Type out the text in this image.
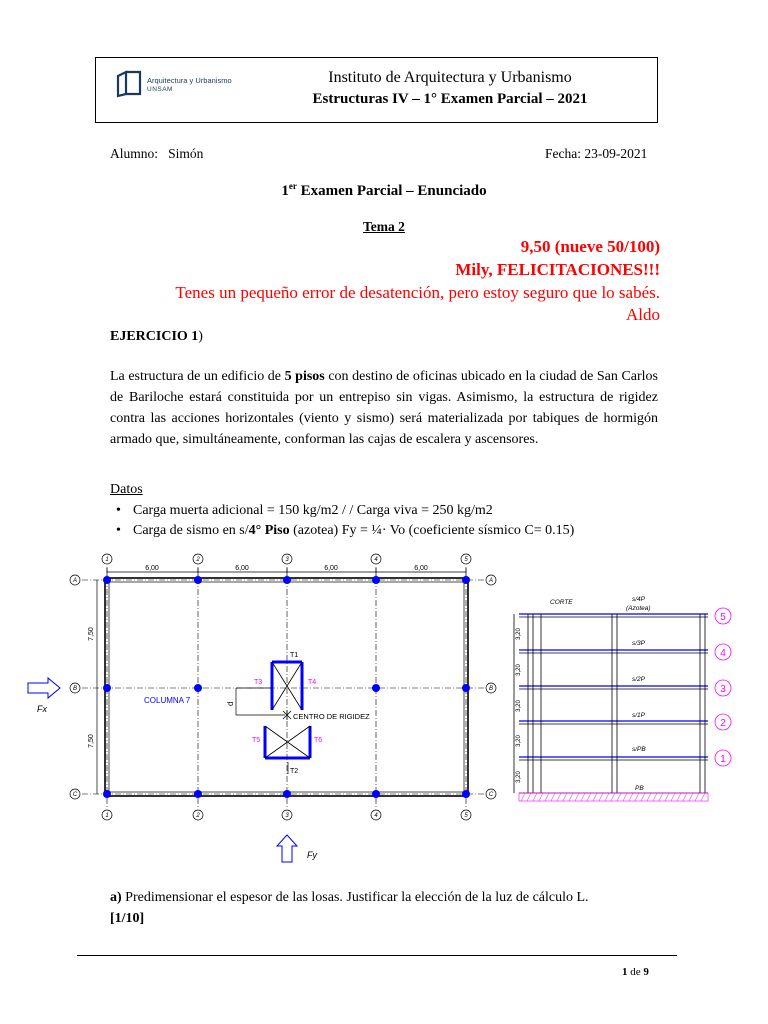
Arquitectura y Urbanismo
UNSAM
Instituto de Arquitectura y Urbanismo
Estructuras IV – 1° Examen Parcial – 2021
Alumno: Simón	Fecha: 23-09-2021
1er Examen Parcial – Enunciado
Tema 2
9,50 (nueve 50/100)
Mily, FELICITACIONES!!!
Tenes un pequeño error de desatención, pero estoy seguro que lo sabés.
Aldo
EJERCICIO 1)
La estructura de un edificio de 5 pisos con destino de oficinas ubicado en la ciudad de San Carlos de Bariloche estará constituida por un entrepiso sin vigas. Asimismo, la estructura de rigidez contra las acciones horizontales (viento y sismo) será materializada por tabiques de hormigón armado que, simultáneamente, conforman las cajas de escalera y ascensores.
Datos
• Carga muerta adicional = 150 kg/m2 / / Carga viva = 250 kg/m2
• Carga de sismo en s/4° Piso (azotea) Fy = ¼· Vo (coeficiente sísmico C= 0.15)
6,00	6,00	6,00	6,00
7,50
7,50
1	2	3	4	5
1	2	3	4	5
A
B
C
A
B
C
T3	T4
T5	T6
T1
T2
d
COLUMNA 7
CENTRO DE RIGIDEZ
Fx
Fy
CORTE	s/4P
(Azotea)
s/3P
s/2P
s/1P
s/PB
PB
3,20
3,20
3,20
3,20
3,20
5
4
3
2
1
a) Predimensionar el espesor de las losas. Justificar la elección de la luz de cálculo L.
[1/10]
1 de 9
